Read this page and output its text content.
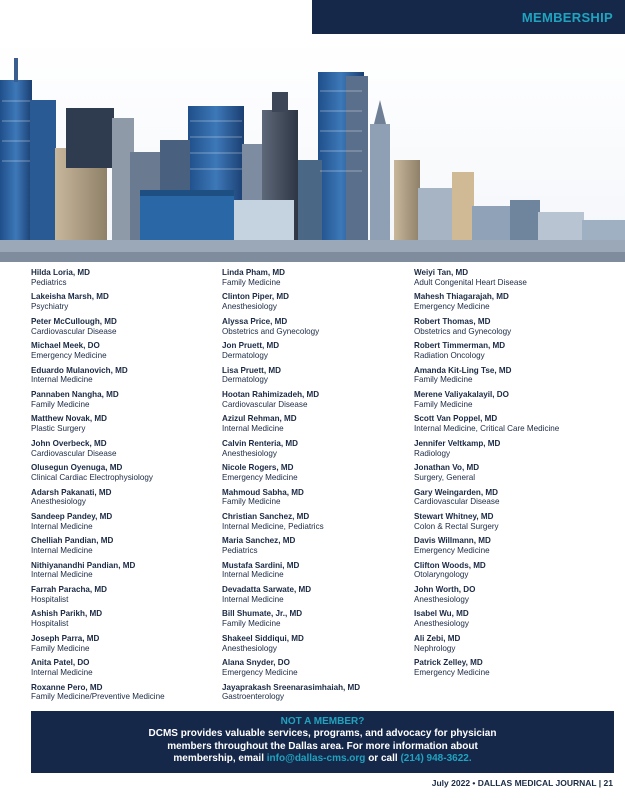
MEMBERSHIP
Hilda Loria, MD
Pediatrics
Lakeisha Marsh, MD
Psychiatry
Peter McCullough, MD
Cardiovascular Disease
Michael Meek, DO
Emergency Medicine
Eduardo Mulanovich, MD
Internal Medicine
Pannaben Nangha, MD
Family Medicine
Matthew Novak, MD
Plastic Surgery
John Overbeck, MD
Cardiovascular Disease
Olusegun Oyenuga, MD
Clinical Cardiac Electrophysiology
Adarsh Pakanati, MD
Anesthesiology
Sandeep Pandey, MD
Internal Medicine
Chelliah Pandian, MD
Internal Medicine
Nithiyanandhi Pandian, MD
Internal Medicine
Farrah Paracha, MD
Hospitalist
Ashish Parikh, MD
Hospitalist
Joseph Parra, MD
Family Medicine
Anita Patel, DO
Internal Medicine
Roxanne Pero, MD
Family Medicine/Preventive Medicine
Linda Pham, MD
Family Medicine
Clinton Piper, MD
Anesthesiology
Alyssa Price, MD
Obstetrics and Gynecology
Jon Pruett, MD
Dermatology
Lisa Pruett, MD
Dermatology
Hootan Rahimizadeh, MD
Cardiovascular Disease
Azizul Rehman, MD
Internal Medicine
Calvin Renteria, MD
Anesthesiology
Nicole Rogers, MD
Emergency Medicine
Mahmoud Sabha, MD
Family Medicine
Christian Sanchez, MD
Internal Medicine, Pediatrics
Maria Sanchez, MD
Pediatrics
Mustafa Sardini, MD
Internal Medicine
Devadatta Sarwate, MD
Internal Medicine
Bill Shumate, Jr., MD
Family Medicine
Shakeel Siddiqui, MD
Anesthesiology
Alana Snyder, DO
Emergency Medicine
Jayaprakash Sreenarasimhaiah, MD
Gastroenterology
Weiyi Tan, MD
Adult Congenital Heart Disease
Mahesh Thiagarajah, MD
Emergency Medicine
Robert Thomas, MD
Obstetrics and Gynecology
Robert Timmerman, MD
Radiation Oncology
Amanda Kit-Ling Tse, MD
Family Medicine
Merene Valiyakalayil, DO
Family Medicine
Scott Van Poppel, MD
Internal Medicine, Critical Care Medicine
Jennifer Veltkamp, MD
Radiology
Jonathan Vo, MD
Surgery, General
Gary Weingarden, MD
Cardiovascular Disease
Stewart Whitney, MD
Colon & Rectal Surgery
Davis Willmann, MD
Emergency Medicine
Clifton Woods, MD
Otolaryngology
John Worth, DO
Anesthesiology
Isabel Wu, MD
Anesthesiology
Ali Zebi, MD
Nephrology
Patrick Zelley, MD
Emergency Medicine
NOT A MEMBER?
DCMS provides valuable services, programs, and advocacy for physician
members throughout the Dallas area. For more information about
membership, email info@dallas-cms.org or call (214) 948-3622.
July 2022 • DALLAS MEDICAL JOURNAL | 21
